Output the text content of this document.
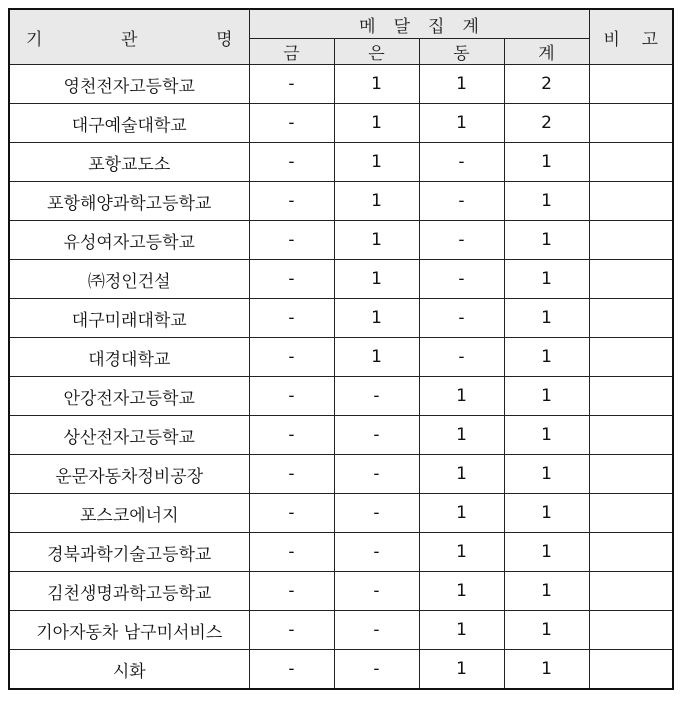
기 관 명	메 달 집 계				비 고

	금	은	동	계	
영천전자고등학교	-	1	1	2	
대구예술대학교	-	1	1	2	
포항교도소	-	1	-	1	
포항해양과학고등학교	-	1	-	1	
유성여자고등학교	-	1	-	1	
㈜정인건설	-	1	-	1	
대구미래대학교	-	1	-	1	
대경대학교	-	1	-	1	
안강전자고등학교	-	-	1	1	
상산전자고등학교	-	-	1	1	
운문자동차정비공장	-	-	1	1	
포스코에너지	-	-	1	1	
경북과학기술고등학교	-	-	1	1	
김천생명과학고등학교	-	-	1	1	
기아자동차 남구미서비스	-	-	1	1	
시화	-	-	1	1	
